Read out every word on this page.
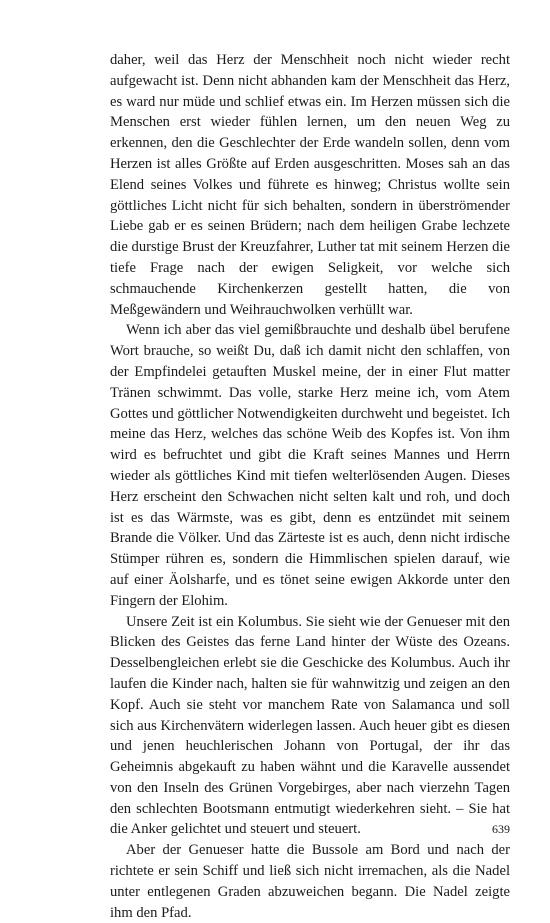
daher, weil das Herz der Menschheit noch nicht wieder recht aufgewacht ist. Denn nicht abhanden kam der Menschheit das Herz, es ward nur müde und schlief etwas ein. Im Herzen müssen sich die Menschen erst wieder fühlen lernen, um den neuen Weg zu erkennen, den die Geschlechter der Erde wandeln sollen, denn vom Herzen ist alles Größte auf Erden ausgeschritten. Moses sah an das Elend seines Volkes und führete es hinweg; Christus wollte sein göttliches Licht nicht für sich behalten, sondern in überströmender Liebe gab er es seinen Brüdern; nach dem heiligen Grabe lechzete die durstige Brust der Kreuzfahrer, Luther tat mit seinem Herzen die tiefe Frage nach der ewigen Seligkeit, vor welche sich schmauchende Kirchenkerzen gestellt hatten, die von Meßgewändern und Weihrauchwolken verhüllt war.

Wenn ich aber das viel gemißbrauchte und deshalb übel berufene Wort brauche, so weißt Du, daß ich damit nicht den schlaffen, von der Empfindelei getauften Muskel meine, der in einer Flut matter Tränen schwimmt. Das volle, starke Herz meine ich, vom Atem Gottes und göttlicher Notwendigkeiten durchweht und begeistet. Ich meine das Herz, welches das schöne Weib des Kopfes ist. Von ihm wird es befruchtet und gibt die Kraft seines Mannes und Herrn wieder als göttliches Kind mit tiefen welterlösenden Augen. Dieses Herz erscheint den Schwachen nicht selten kalt und roh, und doch ist es das Wärmste, was es gibt, denn es entzündet mit seinem Brande die Völker. Und das Zärteste ist es auch, denn nicht irdische Stümper rühren es, sondern die Himmlischen spielen darauf, wie auf einer Äolsharfe, und es tönet seine ewigen Akkorde unter den Fingern der Elohim.

Unsere Zeit ist ein Kolumbus. Sie sieht wie der Genueser mit den Blicken des Geistes das ferne Land hinter der Wüste des Ozeans. Desselbengleichen erlebt sie die Geschicke des Kolumbus. Auch ihr laufen die Kinder nach, halten sie für wahnwitzig und zeigen an den Kopf. Auch sie steht vor manchem Rate von Salamanca und soll sich aus Kirchenvätern widerlegen lassen. Auch heuer gibt es diesen und jenen heuchlerischen Johann von Portugal, der ihr das Geheimnis abgekauft zu haben wähnt und die Karavelle aussendet von den Inseln des Grünen Vorgebirges, aber nach vierzehn Tagen den schlechten Bootsmann entmutigt wiederkehren sieht. – Sie hat die Anker gelichtet und steuert und steuert.

Aber der Genueser hatte die Bussole am Bord und nach der richtete er sein Schiff und ließ sich nicht irremachen, als die Nadel unter entlegenen Graden abzuweichen begann. Die Nadel zeigte ihm den Pfad.

639
